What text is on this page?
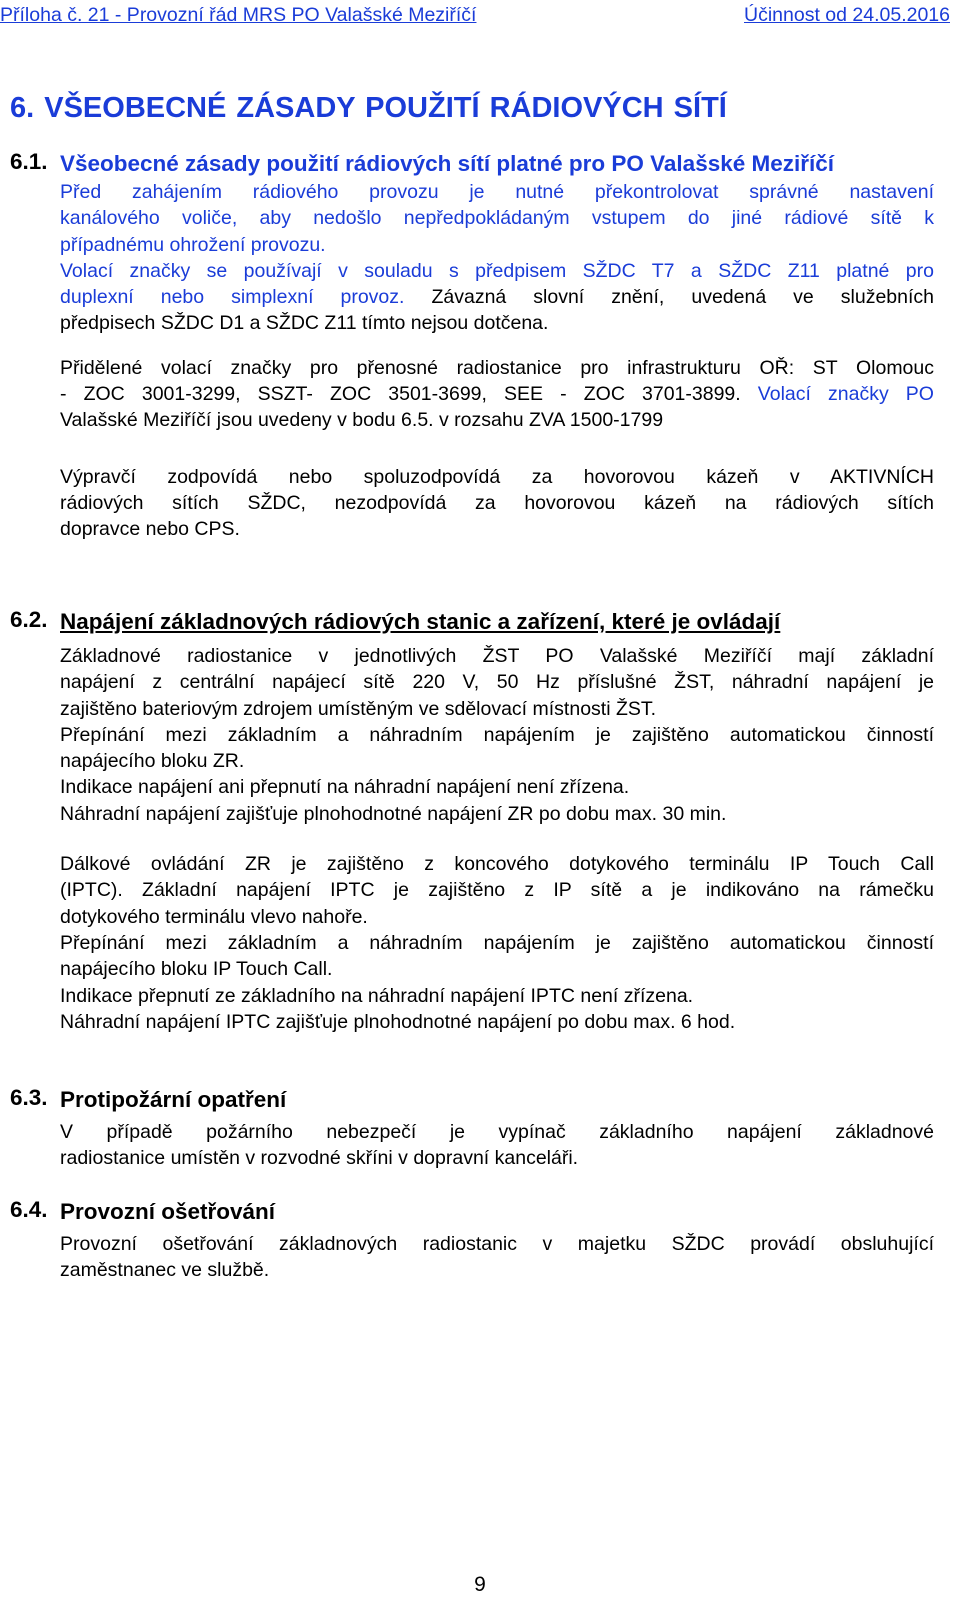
Příloha č. 21 - Provozní řád MRS PO Valašské Meziříčí	Účinnost od 24.05.2016
6. VŠEOBECNÉ ZÁSADY POUŽITÍ RÁDIOVÝCH SÍTÍ
6.1. Všeobecné zásady použití rádiových sítí platné pro PO Valašské Meziříčí
Před zahájením rádiového provozu je nutné překontrolovat správné nastavení
kanálového voliče, aby nedošlo nepředpokládaným vstupem do jiné rádiové sítě k
případnému ohrožení provozu.
Volací značky se používají v souladu s předpisem SŽDC T7 a SŽDC Z11 platné pro
duplexní nebo simplexní provoz. Závazná slovní znění, uvedená ve služebních
předpisech SŽDC D1 a SŽDC Z11 tímto nejsou dotčena.
Přidělené volací značky pro přenosné radiostanice pro infrastrukturu OŘ: ST Olomouc
- ZOC 3001-3299, SSZT- ZOC 3501-3699, SEE - ZOC 3701-3899. Volací značky PO
Valašské Meziříčí jsou uvedeny v bodu 6.5. v rozsahu ZVA 1500-1799
Výpravčí zodpovídá nebo spoluzodpovídá za hovorovou kázeň v AKTIVNÍCH
rádiových sítích SŽDC, nezodpovídá za hovorovou kázeň na rádiových sítích
dopravce nebo CPS.
6.2. Napájení základnových rádiových stanic a zařízení, které je ovládají
Základnové radiostanice v jednotlivých ŽST PO Valašské Meziříčí mají základní
napájení z centrální napájecí sítě 220 V, 50 Hz příslušné ŽST, náhradní napájení je
zajištěno bateriovým zdrojem umístěným ve sdělovací místnosti ŽST.
Přepínání mezi základním a náhradním napájením je zajištěno automatickou činností
napájecího bloku ZR.
Indikace napájení ani přepnutí na náhradní napájení není zřízena.
Náhradní napájení zajišťuje plnohodnotné napájení ZR po dobu max. 30 min.
Dálkové ovládání ZR je zajištěno z koncového dotykového terminálu IP Touch Call
(IPTC). Základní napájení IPTC je zajištěno z IP sítě a je indikováno na rámečku
dotykového terminálu vlevo nahoře.
Přepínání mezi základním a náhradním napájením je zajištěno automatickou činností
napájecího bloku IP Touch Call.
Indikace přepnutí ze základního na náhradní napájení IPTC není zřízena.
Náhradní napájení IPTC zajišťuje plnohodnotné napájení po dobu max. 6 hod.
6.3. Protipožární opatření
V případě požárního nebezpečí je vypínač základního napájení základnové
radiostanice umístěn v rozvodné skříni v dopravní kanceláři.
6.4. Provozní ošetřování
Provozní ošetřování základnových radiostanic v majetku SŽDC provádí obsluhující
zaměstnanec ve službě.
9
